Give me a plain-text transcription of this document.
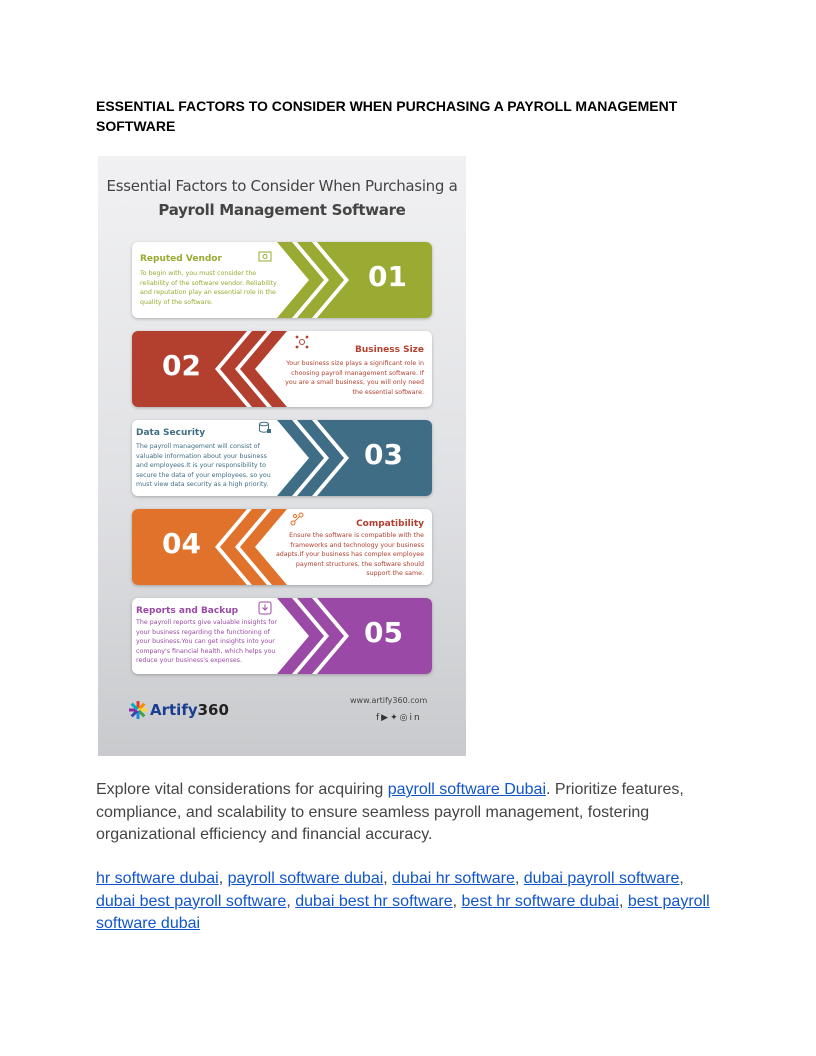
ESSENTIAL FACTORS TO CONSIDER WHEN PURCHASING A PAYROLL MANAGEMENT SOFTWARE
Essential Factors to Consider When Purchasing a
Payroll Management Software
01
Reputed Vendor
To begin with, you must consider the reliability of the software vendor. Reliability and reputation play an essential role in the quality of the software.
02	Business Size
Your business size plays a significant role in choosing payroll management software. If you are a small business, you will only need the essential software.
03
Data Security
The payroll management will consist of valuable information about your business and employees.It is your responsibility to secure the data of your employees, so you must view data security as a high priority.
04
Compatibility
Ensure the software is compatible with the frameworks and technology your business adapts.If your business has complex employee payment structures, the software should support the same.
05
Reports and Backup
The payroll reports give valuable insights for your business regarding the functioning of your business.You can get insights into your company's financial health, which helps you reduce your business's expenses.
Artify360
www.artify360.com
f▶✦◎in

Explore vital considerations for acquiring payroll software Dubai. Prioritize features, compliance, and scalability to ensure seamless payroll management, fostering organizational efficiency and financial accuracy.

hr software dubai, payroll software dubai, dubai hr software, dubai payroll software, dubai best payroll software, dubai best hr software, best hr software dubai, best payroll software dubai
